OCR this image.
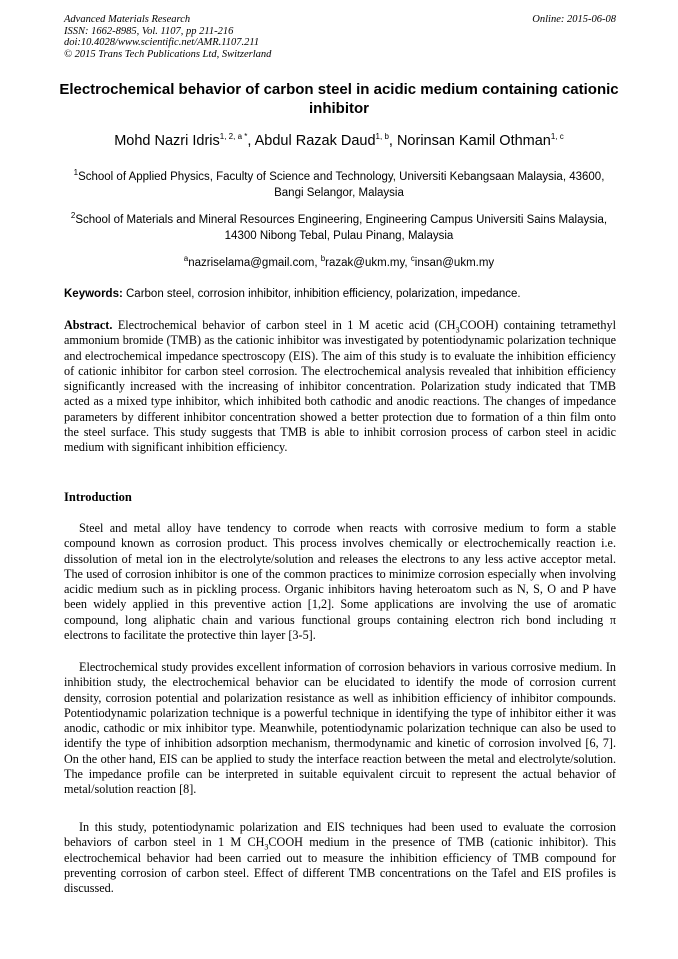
Advanced Materials Research
ISSN: 1662-8985, Vol. 1107, pp 211-216
doi:10.4028/www.scientific.net/AMR.1107.211
© 2015 Trans Tech Publications Ltd, Switzerland
Online: 2015-06-08
Electrochemical behavior of carbon steel in acidic medium containing cationic inhibitor
Mohd Nazri Idris$^{1, 2, a *}$, Abdul Razak Daud$^{1, b}$, Norinsan Kamil Othman$^{1, c}$
$^1$School of Applied Physics, Faculty of Science and Technology, Universiti Kebangsaan Malaysia, 43600, Bangi Selangor, Malaysia
$^2$School of Materials and Mineral Resources Engineering, Engineering Campus Universiti Sains Malaysia, 14300 Nibong Tebal, Pulau Pinang, Malaysia
$^a$nazriselama@gmail.com, $^b$razak@ukm.my, $^c$insan@ukm.my
Keywords: Carbon steel, corrosion inhibitor, inhibition efficiency, polarization, impedance.
Abstract. Electrochemical behavior of carbon steel in 1 M acetic acid $(CH_3COOH)$ containing tetramethyl ammonium bromide (TMB) as the cationic inhibitor was investigated by potentiodynamic polarization technique and electrochemical impedance spectroscopy (EIS). The aim of this study is to evaluate the inhibition efficiency of cationic inhibitor for carbon steel corrosion. The electrochemical analysis revealed that inhibition efficiency significantly increased with the increasing of inhibitor concentration. Polarization study indicated that TMB acted as a mixed type inhibitor, which inhibited both cathodic and anodic reactions. The changes of impedance parameters by different inhibitor concentration showed a better protection due to formation of a thin film onto the steel surface. This study suggests that TMB is able to inhibit corrosion process of carbon steel in acidic medium with significant inhibition efficiency.
Introduction
Steel and metal alloy have tendency to corrode when reacts with corrosive medium to form a stable compound known as corrosion product. This process involves chemically or electrochemically reaction i.e. dissolution of metal ion in the electrolyte/solution and releases the electrons to any less active acceptor metal. The used of corrosion inhibitor is one of the common practices to minimize corrosion especially when involving acidic medium such as in pickling process. Organic inhibitors having heteroatom such as N, S, O and P have been widely applied in this preventive action [1,2]. Some applications are involving the use of aromatic compound, long aliphatic chain and various functional groups containing electron rich bond including π electrons to facilitate the protective thin layer [3-5].
Electrochemical study provides excellent information of corrosion behaviors in various corrosive medium. In inhibition study, the electrochemical behavior can be elucidated to identify the mode of corrosion current density, corrosion potential and polarization resistance as well as inhibition efficiency of inhibitor compounds. Potentiodynamic polarization technique is a powerful technique in identifying the type of inhibitor either it was anodic, cathodic or mix inhibitor type. Meanwhile, potentiodynamic polarization technique can also be used to identify the type of inhibition adsorption mechanism, thermodynamic and kinetic of corrosion involved [6, 7]. On the other hand, EIS can be applied to study the interface reaction between the metal and electrolyte/solution. The impedance profile can be interpreted in suitable equivalent circuit to represent the actual behavior of metal/solution reaction [8].
In this study, potentiodynamic polarization and EIS techniques had been used to evaluate the corrosion behaviors of carbon steel in 1 M $CH_3COOH$ medium in the presence of TMB (cationic inhibitor). This electrochemical behavior had been carried out to measure the inhibition efficiency of TMB compound for preventing corrosion of carbon steel. Effect of different TMB concentrations on the Tafel and EIS profiles is discussed.
